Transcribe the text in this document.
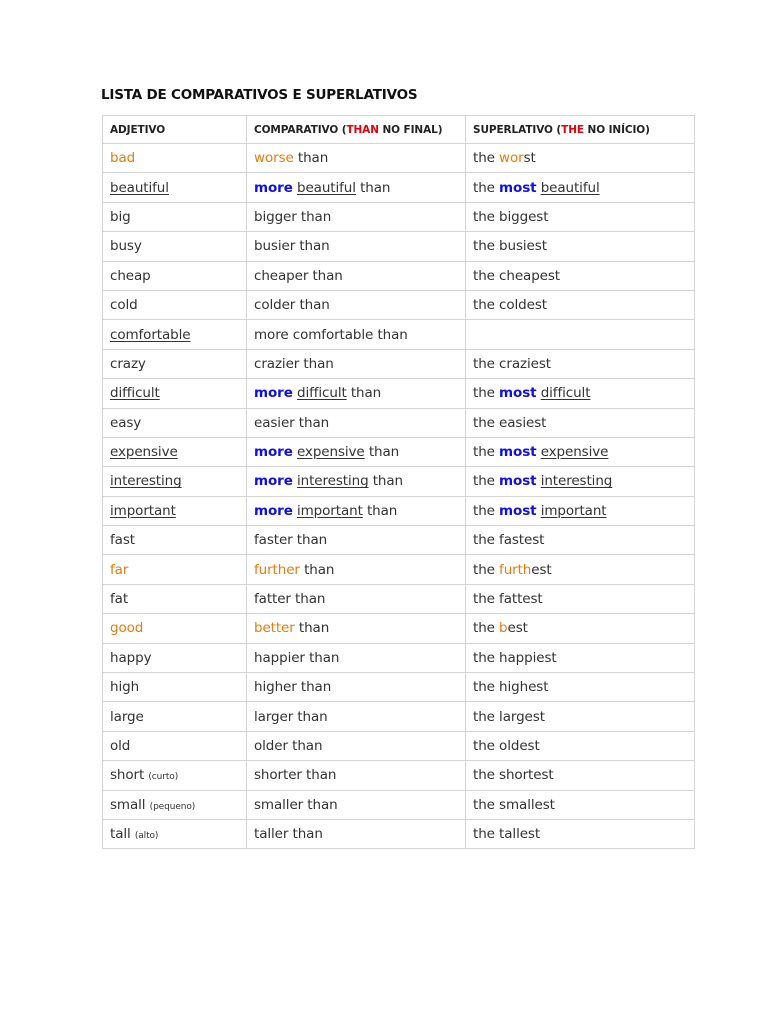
LISTA DE COMPARATIVOS E SUPERLATIVOS
ADJETIVO	COMPARATIVO (THAN NO FINAL)	SUPERLATIVO (THE NO INÍCIO)
bad	worse than	the worst
beautiful	more beautiful than	the most beautiful
big	bigger than	the biggest
busy	busier than	the busiest
cheap	cheaper than	the cheapest
cold	colder than	the coldest
comfortable	more comfortable than	
crazy	crazier than	the craziest
difficult	more difficult than	the most difficult
easy	easier than	the easiest
expensive	more expensive than	the most expensive
interesting	more interesting than	the most interesting
important	more important than	the most important
fast	faster than	the fastest
far	further than	the furthest
fat	fatter than	the fattest
good	better than	the best
happy	happier than	the happiest
high	higher than	the highest
large	larger than	the largest
old	older than	the oldest
short (curto)	shorter than	the shortest
small (pequeno)	smaller than	the smallest
tall (alto)	taller than	the tallest
